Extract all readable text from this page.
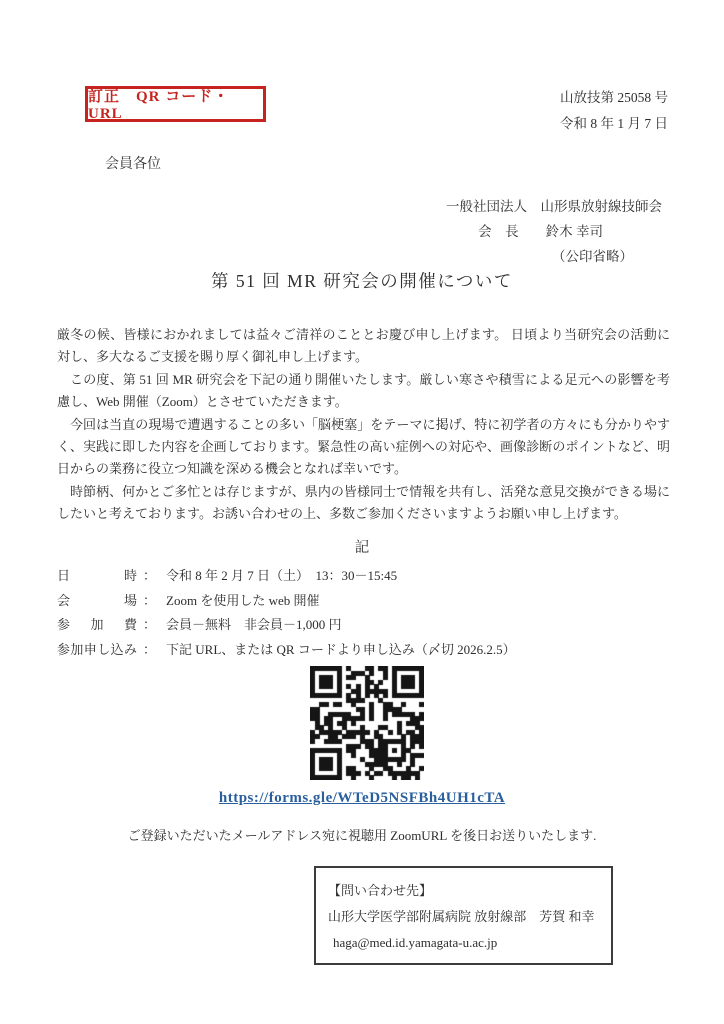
訂正　QR コード・URL
山放技第 25058 号
令和 8 年 1 月 7 日
会員各位
一般社団法人　山形県放射線技師会
会　長　　鈴木 幸司
（公印省略）
第 51 回 MR 研究会の開催について

厳冬の候、皆様におかれましては益々ご清祥のこととお慶び申し上げます。 日頃より当研究会の活動に対し、多大なるご支援を賜り厚く御礼申し上げます。

この度、第 51 回 MR 研究会を下記の通り開催いたします。厳しい寒さや積雪による足元への影響を考慮し、Web 開催（Zoom）とさせていただきます。

今回は当直の現場で遭遇することの多い「脳梗塞」をテーマに掲げ、特に初学者の方々にも分かりやすく、実践に即した内容を企画しております。緊急性の高い症例への対応や、画像診断のポイントなど、明日からの業務に役立つ知識を深める機会となれば幸いです。

時節柄、何かとご多忙とは存じますが、県内の皆様同士で情報を共有し、活発な意見交換ができる場にしたいと考えております。お誘い合わせの上、多数ご参加くださいますようお願い申し上げます。

記
日時 ： 令和 8 年 2 月 7 日（土）　13：30－15:45
会場 ： Zoom を使用した web 開催
参加費 ： 会員－無料　非会員－1,000 円
参加申し込み ： 下記 URL、または QR コードより申し込み（〆切 2026.2.5）
https://forms.gle/WTeD5NSFBh4UH1cTA
ご登録いただいたメールアドレス宛に視聴用 ZoomURL を後日お送りいたします.
【問い合わせ先】
山形大学医学部附属病院 放射線部　芳賀 和幸
haga@med.id.yamagata-u.ac.jp
